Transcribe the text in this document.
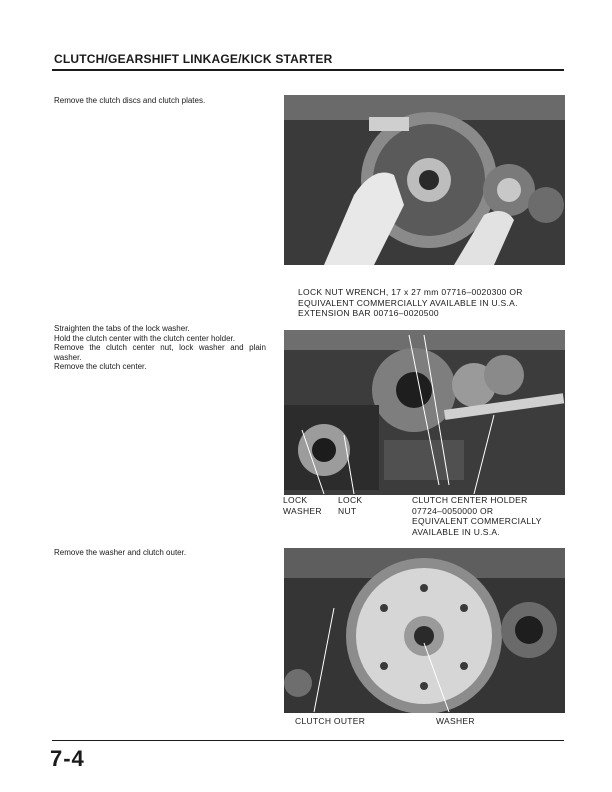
CLUTCH/GEARSHIFT LINKAGE/KICK STARTER

Remove the clutch discs and clutch plates.

Straighten the tabs of the lock washer.

Hold the clutch center with the clutch center holder.

Remove the clutch center nut, lock washer and plain washer.

Remove the clutch center.

Remove the washer and clutch outer.

LOCK NUT WRENCH, 17 x 27 mm 07716–0020300 OR

EQUIVALENT COMMERCIALLY AVAILABLE IN U.S.A.

EXTENSION BAR 00716–0020500

LOCK

WASHER

LOCK

NUT

CLUTCH CENTER HOLDER

07724–0050000 OR

EQUIVALENT COMMERCIALLY

AVAILABLE IN U.S.A.

CLUTCH OUTER	WASHER
7-4
